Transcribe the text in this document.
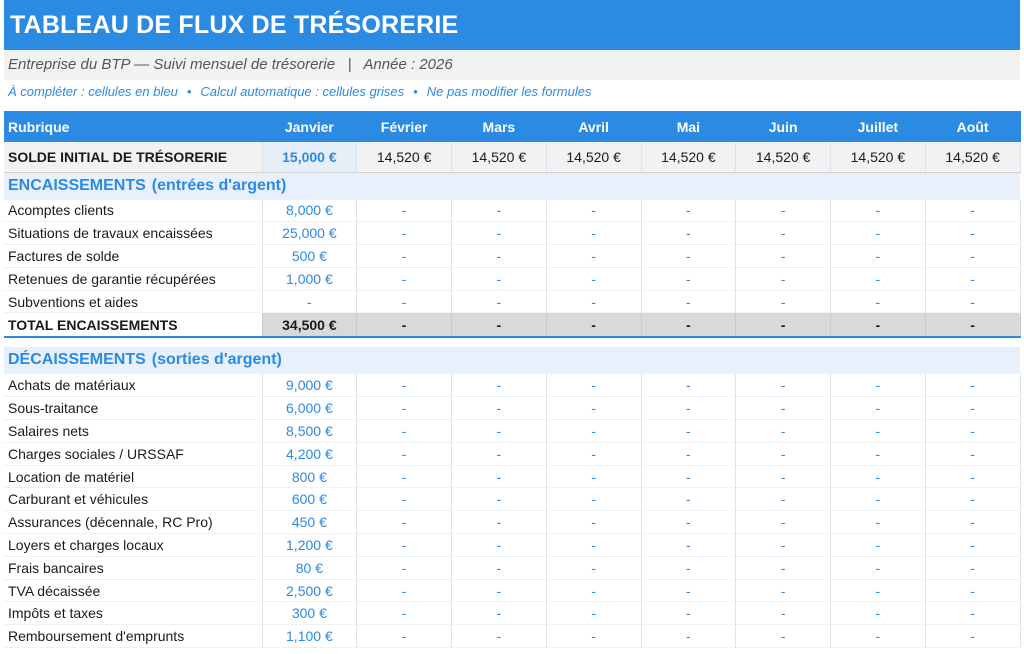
TABLEAU DE FLUX DE TRÉSORERIE
Entreprise du BTP — Suivi mensuel de trésorerie   |   Année : 2026
À compléter : cellules en bleu • Calcul automatique : cellules grises • Ne pas modifier les formules
Rubrique	Janvier	Février	Mars	Avril	Mai	Juin	Juillet	Août
SOLDE INITIAL DE TRÉSORERIE	15,000 €	14,520 €	14,520 €	14,520 €	14,520 €	14,520 €	14,520 €	14,520 €
ENCAISSEMENTS (entrées d'argent)								
Acomptes clients	8,000 €	-	-	-	-	-	-	-
Situations de travaux encaissées	25,000 €	-	-	-	-	-	-	-
Factures de solde	500 €	-	-	-	-	-	-	-
Retenues de garantie récupérées	1,000 €	-	-	-	-	-	-	-
Subventions et aides	-	-	-	-	-	-	-	-
TOTAL ENCAISSEMENTS	34,500 €	-	-	-	-	-	-	-

DÉCAISSEMENTS (sorties d'argent)								
Achats de matériaux	9,000 €	-	-	-	-	-	-	-
Sous-traitance	6,000 €	-	-	-	-	-	-	-
Salaires nets	8,500 €	-	-	-	-	-	-	-
Charges sociales / URSSAF	4,200 €	-	-	-	-	-	-	-
Location de matériel	800 €	-	-	-	-	-	-	-
Carburant et véhicules	600 €	-	-	-	-	-	-	-
Assurances (décennale, RC Pro)	450 €	-	-	-	-	-	-	-
Loyers et charges locaux	1,200 €	-	-	-	-	-	-	-
Frais bancaires	80 €	-	-	-	-	-	-	-
TVA décaissée	2,500 €	-	-	-	-	-	-	-
Impôts et taxes	300 €	-	-	-	-	-	-	-
Remboursement d'emprunts	1,100 €	-	-	-	-	-	-	-
